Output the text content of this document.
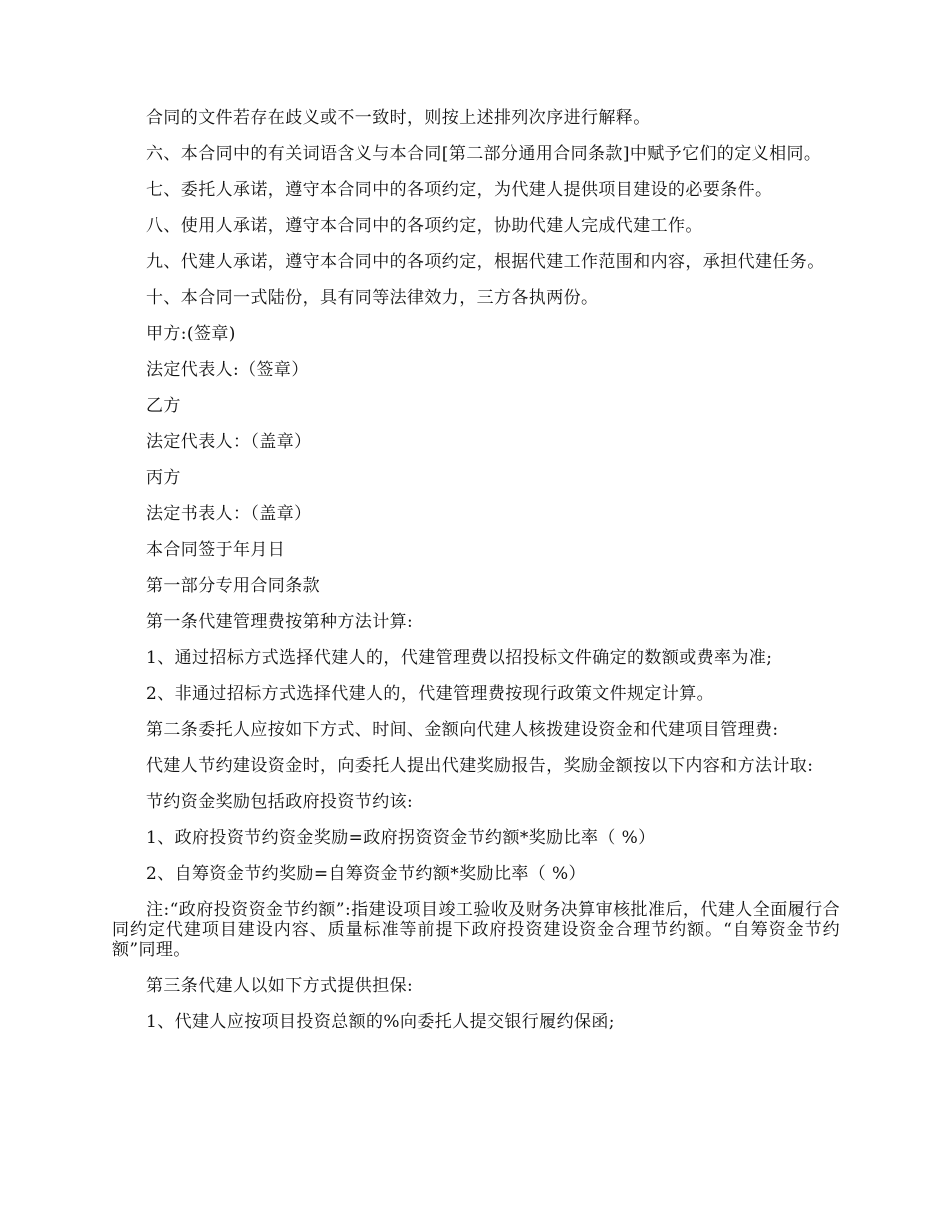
合同的文件若存在歧义或不一致时，则按上述排列次序进行解释。

六、本合同中的有关词语含义与本合同[第二部分通用合同条款]中赋予它们的定义相同。

七、委托人承诺，遵守本合同中的各项约定，为代建人提供项目建设的必要条件。

八、使用人承诺，遵守本合同中的各项约定，协助代建人完成代建工作。

九、代建人承诺，遵守本合同中的各项约定，根据代建工作范围和内容，承担代建任务。

十、本合同一式陆份，具有同等法律效力，三方各执两份。

甲方:(签章)

法定代表人:（签章）

乙方

法定代表人：（盖章）

丙方

法定书表人：（盖章）

本合同签于年月日

第一部分专用合同条款

第一条代建管理费按第种方法计算:

1、通过招标方式选择代建人的，代建管理费以招投标文件确定的数额或费率为准;

2、非通过招标方式选择代建人的，代建管理费按现行政策文件规定计算。

第二条委托人应按如下方式、时间、金额向代建人核拨建设资金和代建项目管理费:

代建人节约建设资金时，向委托人提出代建奖励报告，奖励金额按以下内容和方法计取:

节约资金奖励包括政府投资节约该:

1、政府投资节约资金奖励=政府拐资资金节约额*奖励比率（ %）

2、自筹资金节约奖励=自筹资金节约额*奖励比率（ %）

注:“政府投资资金节约额”:指建设项目竣工验收及财务决算审核批准后，代建人全面履行合同约定代建项目建设内容、质量标准等前提下政府投资建设资金合理节约额。“自筹资金节约额”同理。

第三条代建人以如下方式提供担保:

1、代建人应按项目投资总额的%向委托人提交银行履约保函;
